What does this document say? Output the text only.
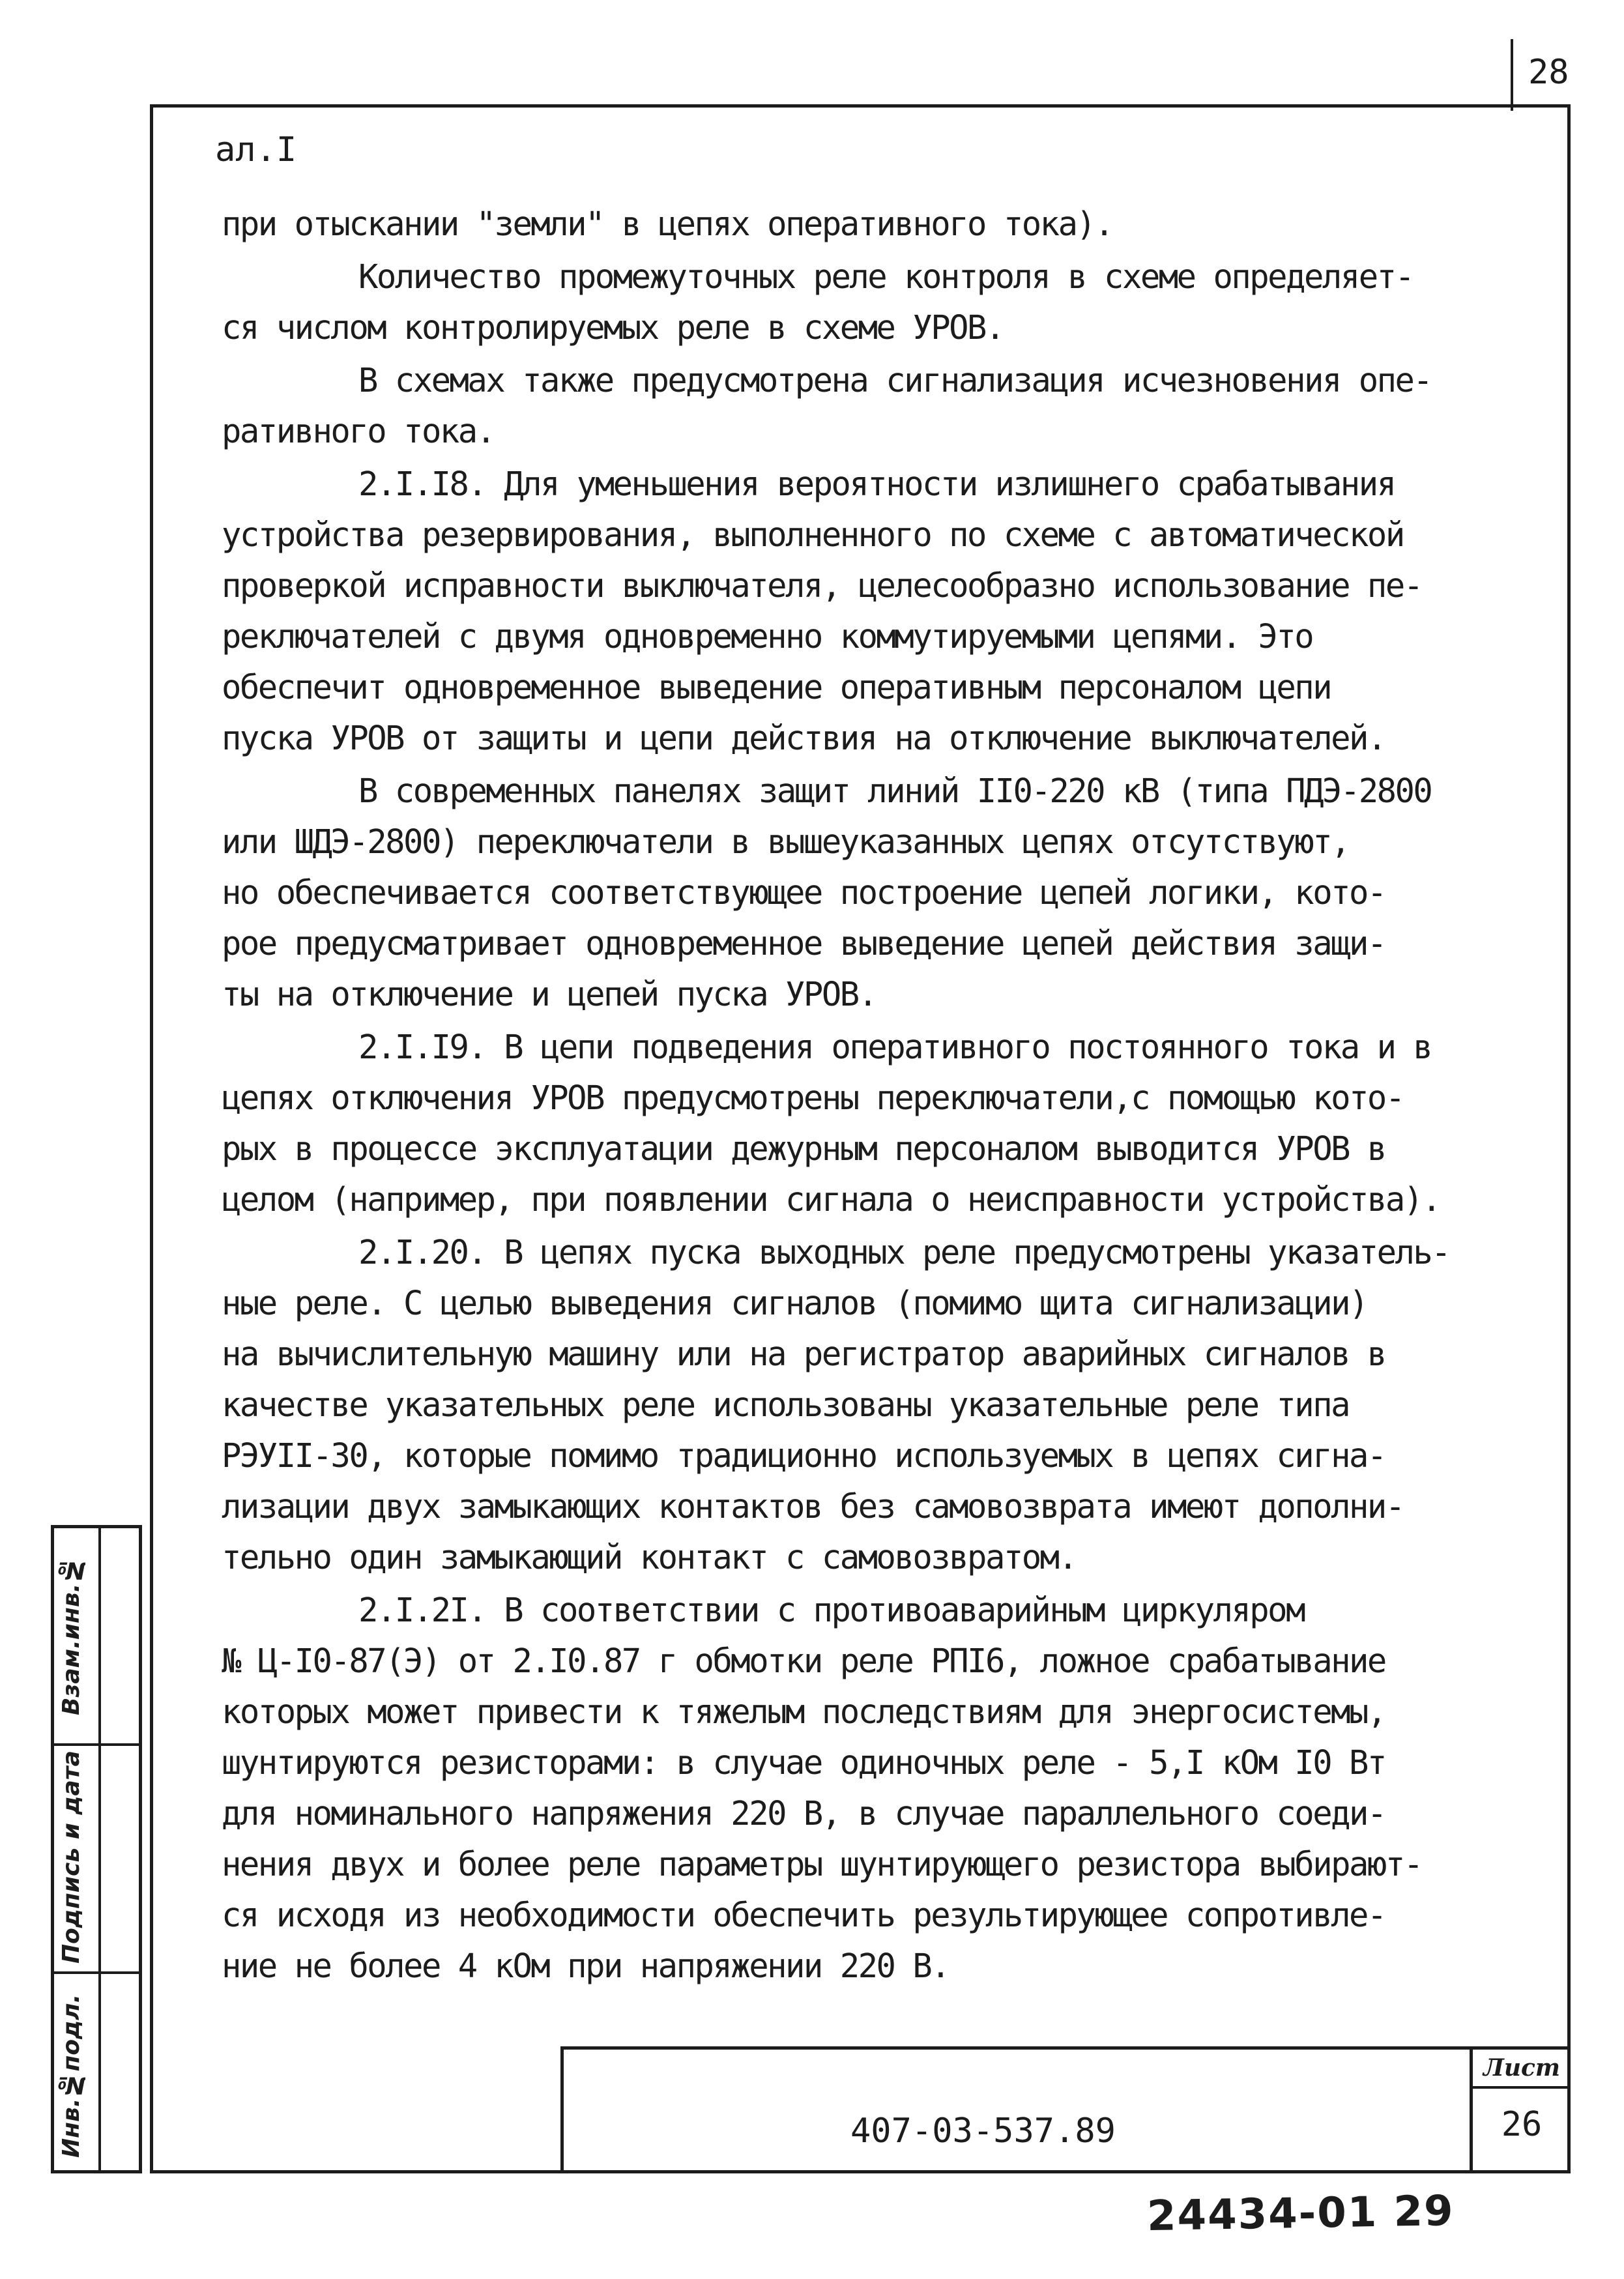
28
ал.I

при отыскании "земли" в цепях оперативного тока).

Количество промежуточных реле контроля в схеме определяет-
ся числом контролируемых реле в схеме УРОВ.

В схемах также предусмотрена сигнализация исчезновения опе-
ративного тока.

2.I.I8. Для уменьшения вероятности излишнего срабатывания
устройства резервирования, выполненного по схеме с автоматической
проверкой исправности выключателя, целесообразно использование пе-
реключателей с двумя одновременно коммутируемыми цепями. Это
обеспечит одновременное выведение оперативным персоналом цепи
пуска УРОВ от защиты и цепи действия на отключение выключателей.

В современных панелях защит линий II0-220 кВ (типа ПДЭ-2800
или ШДЭ-2800) переключатели в вышеуказанных цепях отсутствуют,
но обеспечивается соответствующее построение цепей логики, кото-
рое предусматривает одновременное выведение цепей действия защи-
ты на отключение и цепей пуска УРОВ.

2.I.I9. В цепи подведения оперативного постоянного тока и в
цепях отключения УРОВ предусмотрены переключатели,с помощью кото-
рых в процессе эксплуатации дежурным персоналом выводится УРОВ в
целом (например, при появлении сигнала о неисправности устройства).

2.I.20. В цепях пуска выходных реле предусмотрены указатель-
ные реле. С целью выведения сигналов (помимо щита сигнализации)
на вычислительную машину или на регистратор аварийных сигналов в
качестве указательных реле использованы указательные реле типа
РЭУII-30, которые помимо традиционно используемых в цепях сигна-
лизации двух замыкающих контактов без самовозврата имеют дополни-
тельно один замыкающий контакт с самовозвратом.

2.I.2I. В соответствии с противоаварийным циркуляром
№ Ц-I0-87(Э) от 2.I0.87 г обмотки реле РПI6, ложное срабатывание
которых может привести к тяжелым последствиям для энергосистемы,
шунтируются резисторами: в случае одиночных реле - 5,I кОм I0 Вт
для номинального напряжения 220 В, в случае параллельного соеди-
нения двух и более реле параметры шунтирующего резистора выбирают-
ся исходя из необходимости обеспечить результирующее сопротивле-
ние не более 4 кОм при напряжении 220 В.

Инв.№подл.
Подпись и дата
Взам.инв.№
407-03-537.89
Лист
26
24434-01 29
